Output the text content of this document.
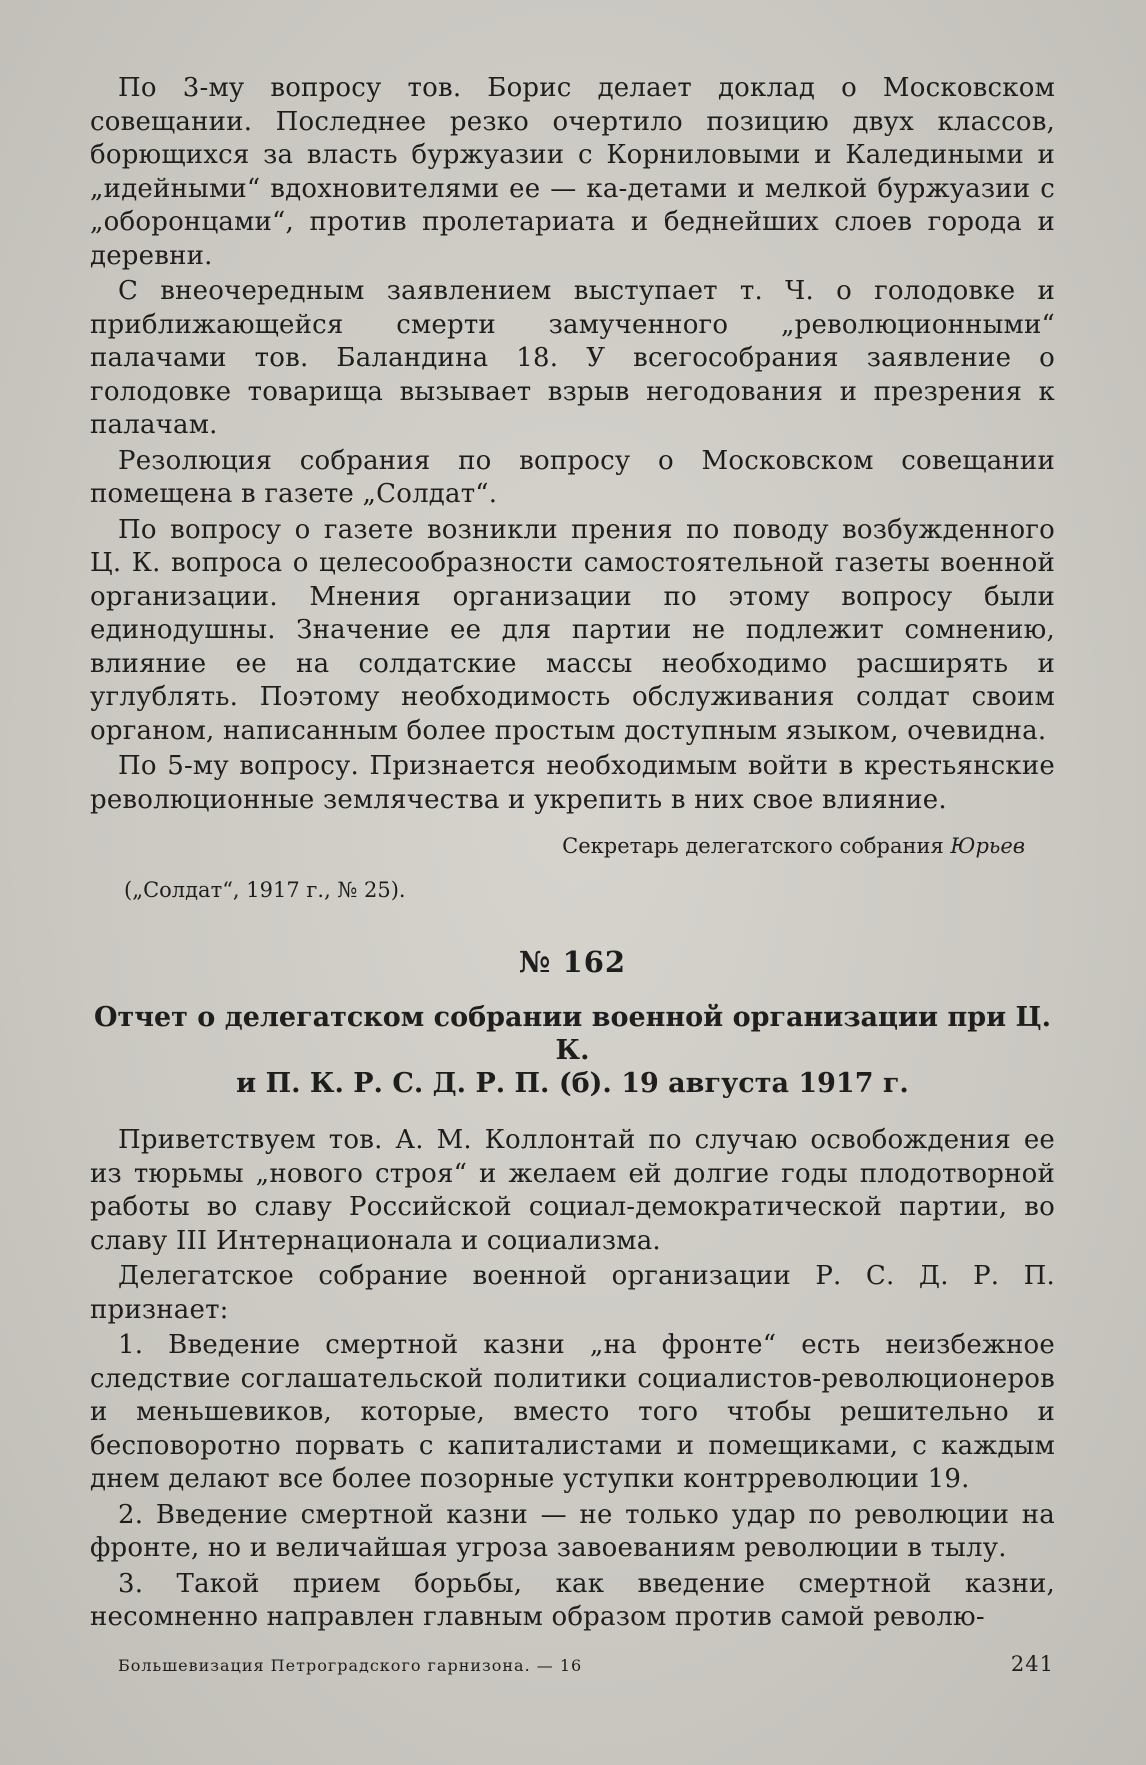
По 3-му вопросу тов. Борис делает доклад о Московском совещании. Последнее резко очертило позицию двух классов, борющихся за власть буржуазии с Корниловыми и Каледиными и „идейными“ вдохновителями ее — ка-детами и мелкой буржуазии с „оборонцами“, против пролетариата и беднейших слоев города и деревни.

С внеочередным заявлением выступает т. Ч. о голодовке и приближающейся смерти замученного „революционными“ палачами тов. Баландина 18. У всегособрания заявление о голодовке товарища вызывает взрыв негодования и презрения к палачам.

Резолюция собрания по вопросу о Московском совещании помещена в газете „Солдат“.

По вопросу о газете возникли прения по поводу возбужденного Ц. К. вопроса о целесообразности самостоятельной газеты военной организации. Мнения организации по этому вопросу были единодушны. Значение ее для партии не подлежит сомнению, влияние ее на солдатские массы необходимо расширять и углублять. Поэтому необходимость обслуживания солдат своим органом, написанным более простым доступным языком, очевидна.

По 5-му вопросу. Признается необходимым войти в крестьянские революционные землячества и укрепить в них свое влияние.

Секретарь делегатского собрания Юрьев
(„Солдат“, 1917 г., № 25).
№ 162
Отчет о делегатском собрании военной организации при Ц. К.
и П. К. Р. С. Д. Р. П. (б). 19 августа 1917 г.

Приветствуем тов. А. М. Коллонтай по случаю освобождения ее из тюрьмы „нового строя“ и желаем ей долгие годы плодотворной работы во славу Российской социал-демократической партии, во славу III Интернационала и социализма.

Делегатское собрание военной организации Р. С. Д. Р. П. признает:

1. Введение смертной казни „на фронте“ есть неизбежное следствие соглашательской политики социалистов-революционеров и меньшевиков, которые, вместо того чтобы решительно и бесповоротно порвать с капиталистами и помещиками, с каждым днем делают все более позорные уступки контрреволюции 19.

2. Введение смертной казни — не только удар по революции на фронте, но и величайшая угроза завоеваниям революции в тылу.

3. Такой прием борьбы, как введение смертной казни, несомненно направлен главным образом против самой револю-

Большевизация Петроградского гарнизона. — 16	241
